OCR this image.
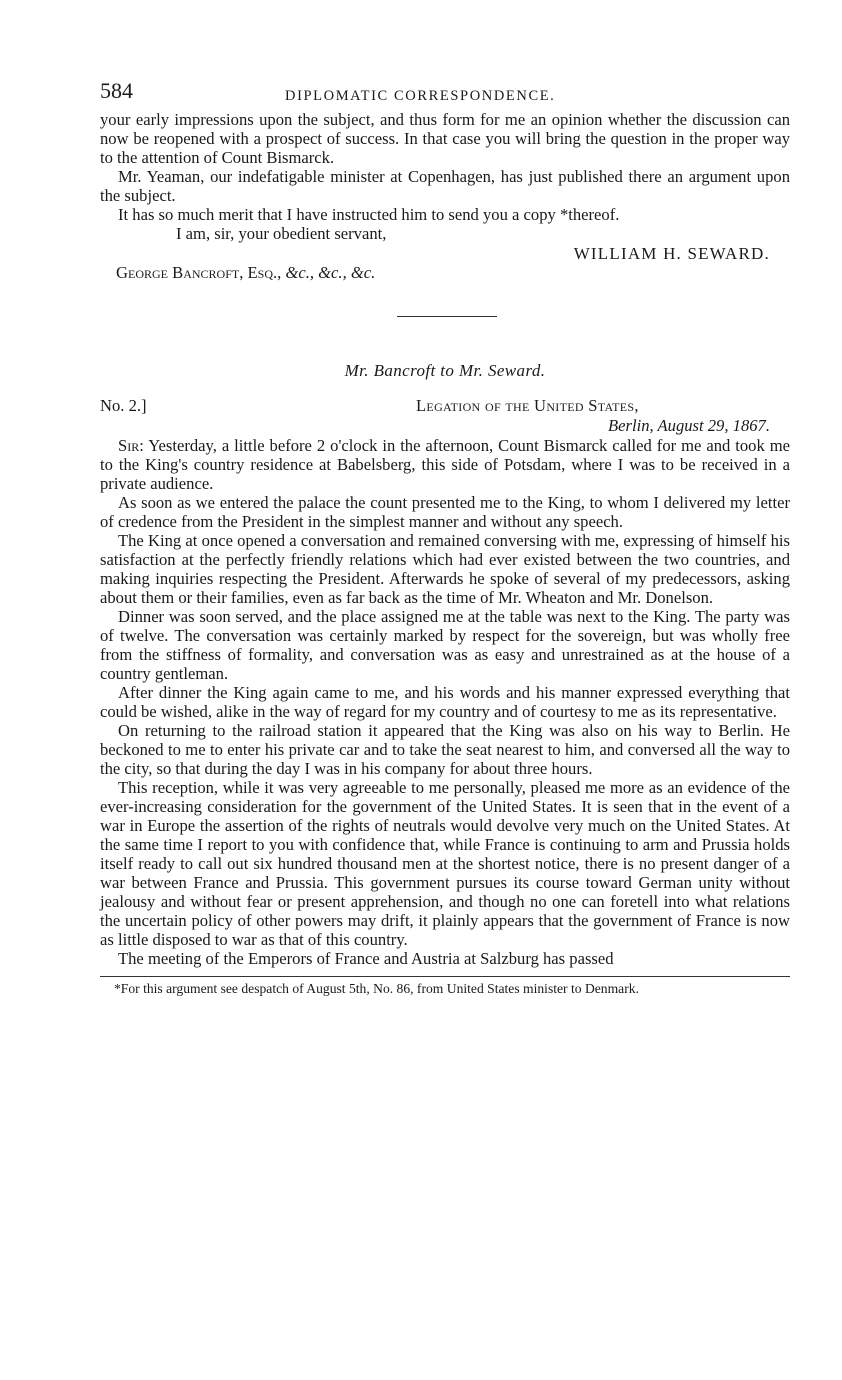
584	DIPLOMATIC CORRESPONDENCE.

your early impressions upon the subject, and thus form for me an opinion whether the discussion can now be reopened with a prospect of success. In that case you will bring the question in the proper way to the attention of Count Bismarck.

Mr. Yeaman, our indefatigable minister at Copenhagen, has just published there an argument upon the subject.

It has so much merit that I have instructed him to send you a copy *thereof.

I am, sir, your obedient servant,

WILLIAM H. SEWARD.
George Bancroft, Esq., &c., &c., &c.
Mr. Bancroft to Mr. Seward.
No. 2.]	Legation of the United States,
Berlin, August 29, 1867.

Sir: Yesterday, a little before 2 o'clock in the afternoon, Count Bismarck called for me and took me to the King's country residence at Babelsberg, this side of Potsdam, where I was to be received in a private audience.

As soon as we entered the palace the count presented me to the King, to whom I delivered my letter of credence from the President in the simplest manner and without any speech.

The King at once opened a conversation and remained conversing with me, expressing of himself his satisfaction at the perfectly friendly relations which had ever existed between the two countries, and making inquiries respecting the President. Afterwards he spoke of several of my predecessors, asking about them or their families, even as far back as the time of Mr. Wheaton and Mr. Donelson.

Dinner was soon served, and the place assigned me at the table was next to the King. The party was of twelve. The conversation was certainly marked by respect for the sovereign, but was wholly free from the stiffness of formality, and conversation was as easy and unrestrained as at the house of a country gentleman.

After dinner the King again came to me, and his words and his manner expressed everything that could be wished, alike in the way of regard for my country and of courtesy to me as its representative.

On returning to the railroad station it appeared that the King was also on his way to Berlin. He beckoned to me to enter his private car and to take the seat nearest to him, and conversed all the way to the city, so that during the day I was in his company for about three hours.

This reception, while it was very agreeable to me personally, pleased me more as an evidence of the ever-increasing consideration for the government of the United States. It is seen that in the event of a war in Europe the assertion of the rights of neutrals would devolve very much on the United States. At the same time I report to you with confidence that, while France is continuing to arm and Prussia holds itself ready to call out six hundred thousand men at the shortest notice, there is no present danger of a war between France and Prussia. This government pursues its course toward German unity without jealousy and without fear or present apprehension, and though no one can foretell into what relations the uncertain policy of other powers may drift, it plainly appears that the government of France is now as little disposed to war as that of this country.

The meeting of the Emperors of France and Austria at Salzburg has passed

*For this argument see despatch of August 5th, No. 86, from United States minister to Denmark.
